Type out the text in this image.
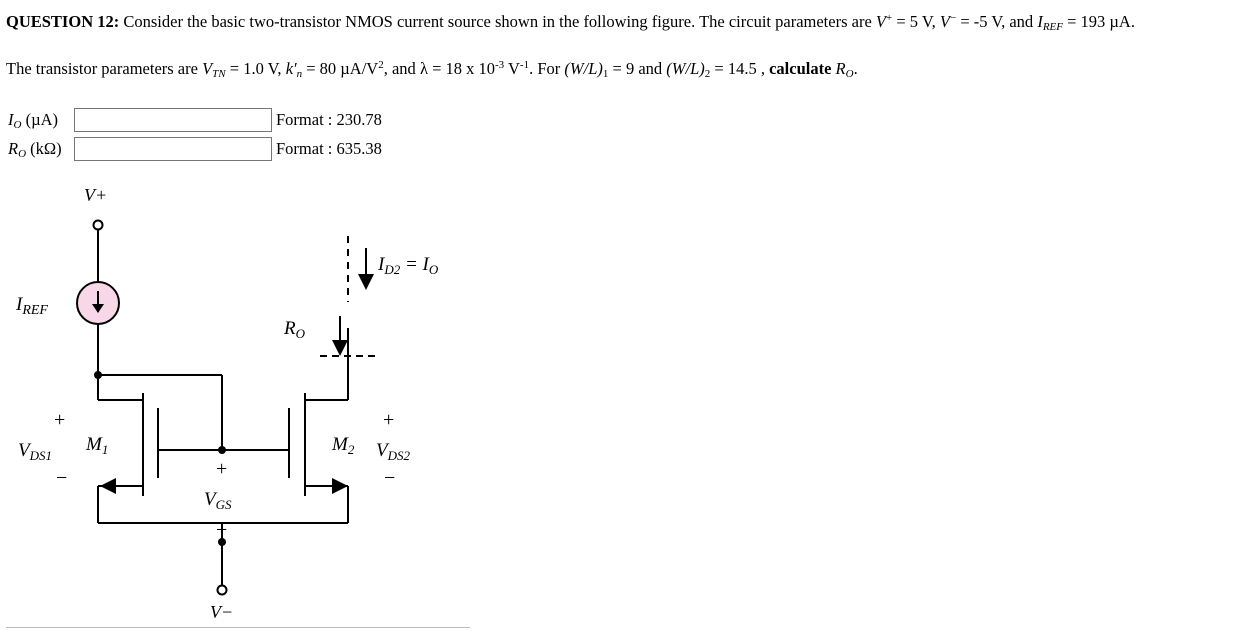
QUESTION 12: Consider the basic two-transistor NMOS current source shown in the following figure. The circuit parameters are V+ = 5 V, V− = -5 V, and $I_{REF} = 193$ µA.
The transistor parameters are $V_{TN} = 1.0$ V, $k'_n = 80$ $\mu A/V^2$, and λ = 18 x $10^{-3}$ $V^{-1}$. For $(W/L)_1 = 9$ and $(W/L)_2 = 14.5$ , calculate $R_O$.
$I_O$ (µA)	Format : 230.78
$R_O$ (kΩ)	Format : 635.38
V+
$I_{REF}$
$R_O$
$I_{D2} = I_O$
+
$V_{DS1}$
−
$M_1$	$M_2$
+
$V_{DS2}$
−
+
$V_{GS}$
−
V−
